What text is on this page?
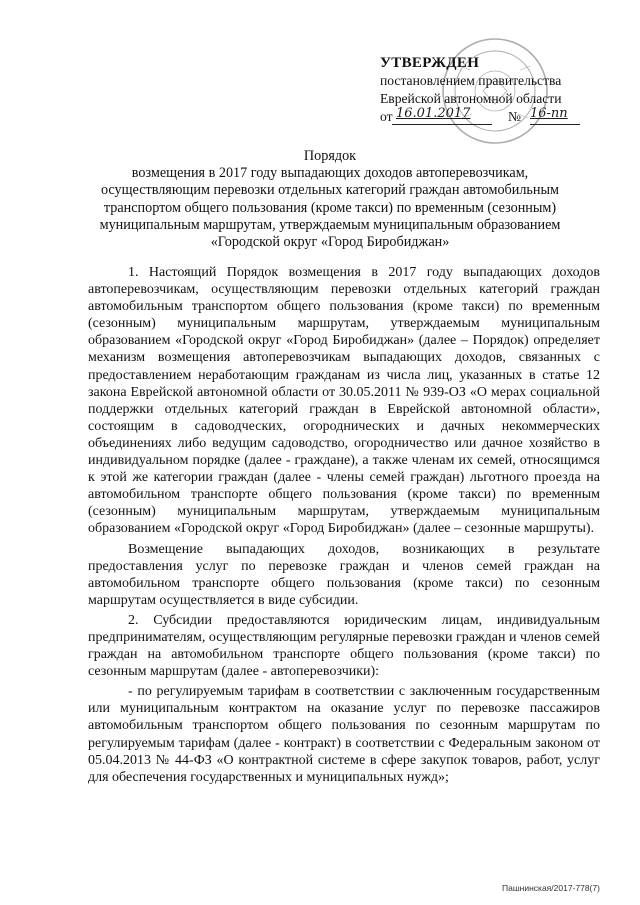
УТВЕРЖДЕН
постановлением правительства
Еврейской автономной области
от 16.01.2017	№ 16-пп
Порядок
возмещения в 2017 году выпадающих доходов автоперевозчикам,
осуществляющим перевозки отдельных категорий граждан автомобильным
транспортом общего пользования (кроме такси) по временным (сезонным)
муниципальным маршрутам, утверждаемым муниципальным образованием
«Городской округ «Город Биробиджан»

1. Настоящий Порядок возмещения в 2017 году выпадающих доходов автоперевозчикам, осуществляющим перевозки отдельных категорий граждан автомобильным транспортом общего пользования (кроме такси) по временным (сезонным) муниципальным маршрутам, утверждаемым муниципальным образованием «Городской округ «Город Биробиджан» (далее – Порядок) определяет механизм возмещения автоперевозчикам выпадающих доходов, связанных с предоставлением неработающим гражданам из числа лиц, указанных в статье 12 закона Еврейской автономной области от 30.05.2011 № 939-ОЗ «О мерах социальной поддержки отдельных категорий граждан в Еврейской автономной области», состоящим в садоводческих, огороднических и дачных некоммерческих объединениях либо ведущим садоводство, огородничество или дачное хозяйство в индивидуальном порядке (далее - граждане), а также членам их семей, относящимся к этой же категории граждан (далее - члены семей граждан) льготного проезда на автомобильном транспорте общего пользования (кроме такси) по временным (сезонным) муниципальным маршрутам, утверждаемым муниципальным образованием «Городской округ «Город Биробиджан» (далее – сезонные маршруты).

Возмещение выпадающих доходов, возникающих в результате предоставления услуг по перевозке граждан и членов семей граждан на автомобильном транспорте общего пользования (кроме такси) по сезонным маршрутам осуществляется в виде субсидии.

2. Субсидии предоставляются юридическим лицам, индивидуальным предпринимателям, осуществляющим регулярные перевозки граждан и членов семей граждан на автомобильном транспорте общего пользования (кроме такси) по сезонным маршрутам (далее - автоперевозчики):

- по регулируемым тарифам в соответствии с заключенным государственным или муниципальным контрактом на оказание услуг по перевозке пассажиров автомобильным транспортом общего пользования по сезонным маршрутам по регулируемым тарифам (далее - контракт) в соответствии с Федеральным законом от 05.04.2013 № 44-ФЗ «О контрактной системе в сфере закупок товаров, работ, услуг для обеспечения государственных и муниципальных нужд»;

Пашнинская/2017-778(7)
